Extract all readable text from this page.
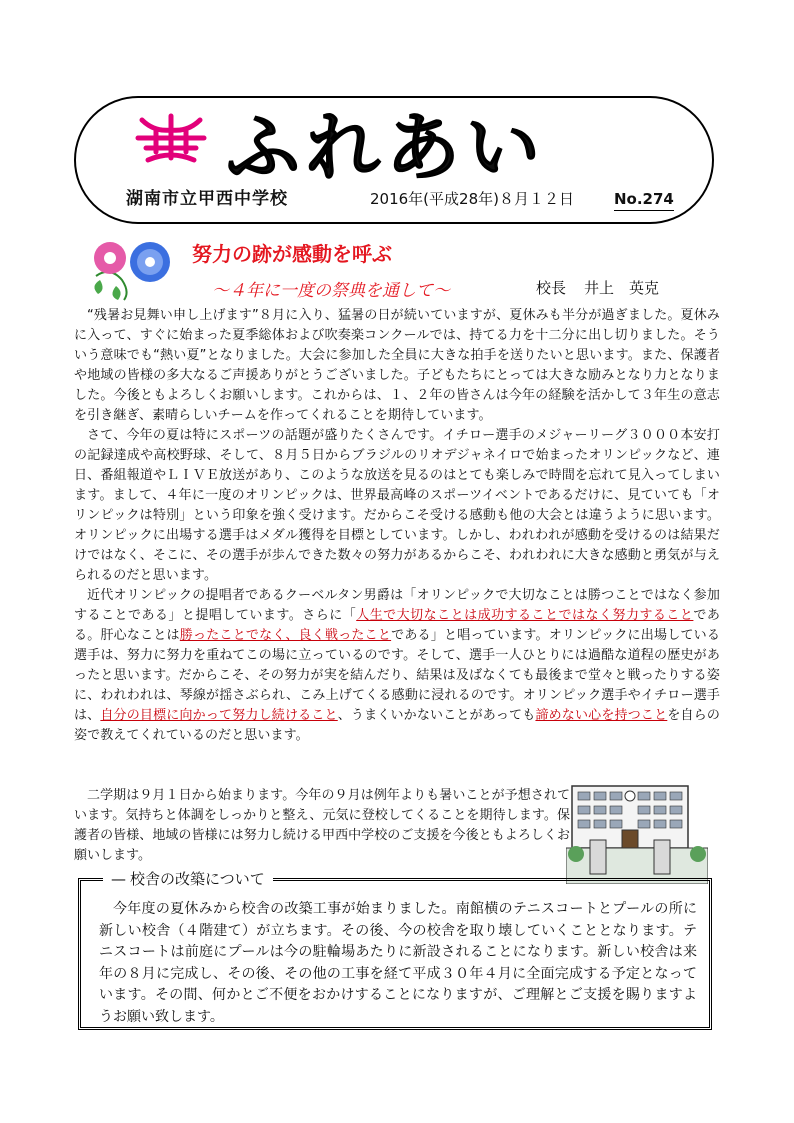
ふれあい
湖南市立甲西中学校	2016年(平成28年)８月１２日	No.274
努力の跡が感動を呼ぶ
～４年に一度の祭典を通して～	校長 井上　英克

“残暑お見舞い申し上げます”８月に入り、猛暑の日が続いていますが、夏休みも半分が過ぎました。夏休みに入って、すぐに始まった夏季総体および吹奏楽コンクールでは、持てる力を十二分に出し切りました。そういう意味でも“熱い夏”となりました。大会に参加した全員に大きな拍手を送りたいと思います。また、保護者や地域の皆様の多大なるご声援ありがとうございました。子どもたちにとっては大きな励みとなり力となりました。今後ともよろしくお願いします。これからは、１、２年の皆さんは今年の経験を活かして３年生の意志を引き継ぎ、素晴らしいチームを作ってくれることを期待しています。

さて、今年の夏は特にスポーツの話題が盛りたくさんです。イチロー選手のメジャーリーグ３０００本安打の記録達成や高校野球、そして、８月５日からブラジルのリオデジャネイロで始まったオリンピックなど、連日、番組報道やＬＩＶＥ放送があり、このような放送を見るのはとても楽しみで時間を忘れて見入ってしまいます。まして、４年に一度のオリンピックは、世界最高峰のスポーツイベントであるだけに、見ていても「オリンピックは特別」という印象を強く受けます。だからこそ受ける感動も他の大会とは違うように思います。オリンピックに出場する選手はメダル獲得を目標としています。しかし、われわれが感動を受けるのは結果だけではなく、そこに、その選手が歩んできた数々の努力があるからこそ、われわれに大きな感動と勇気が与えられるのだと思います。

近代オリンピックの提唱者であるクーベルタン男爵は「オリンピックで大切なことは勝つことではなく参加することである」と提唱しています。さらに「人生で大切なことは成功することではなく努力することである。肝心なことは勝ったことでなく、良く戦ったことである」と唱っています。オリンピックに出場している選手は、努力に努力を重ねてこの場に立っているのです。そして、選手一人ひとりには過酷な道程の歴史があったと思います。だからこそ、その努力が実を結んだり、結果は及ばなくても最後まで堂々と戦ったりする姿に、われわれは、琴線が揺さぶられ、こみ上げてくる感動に浸れるのです。オリンピック選手やイチロー選手は、自分の目標に向かって努力し続けること、うまくいかないことがあっても諦めない心を持つことを自らの姿で教えてくれているのだと思います。

二学期は９月１日から始まります。今年の９月は例年よりも暑いことが予想されています。気持ちと体調をしっかりと整え、元気に登校してくることを期待します。保護者の皆様、地域の皆様には努力し続ける甲西中学校のご支援を今後ともよろしくお願いします。

— 校舎の改築について

今年度の夏休みから校舎の改築工事が始まりました。南館横のテニスコートとプールの所に新しい校舎（４階建て）が立ちます。その後、今の校舎を取り壊していくこととなります。テニスコートは前庭にプールは今の駐輪場あたりに新設されることになります。新しい校舎は来年の８月に完成し、その後、その他の工事を経て平成３０年４月に全面完成する予定となっています。その間、何かとご不便をおかけすることになりますが、ご理解とご支援を賜りますようお願い致します。
